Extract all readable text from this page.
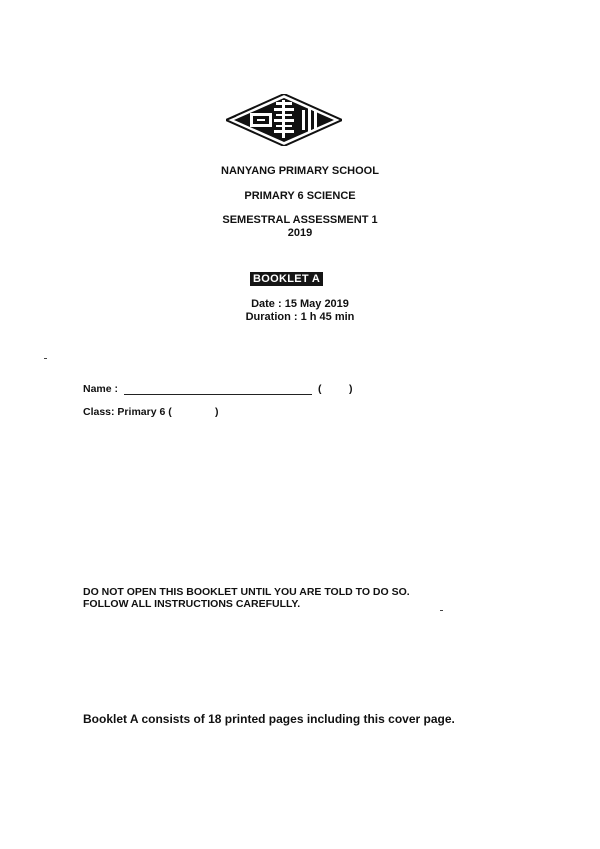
NANYANG PRIMARY SCHOOL
PRIMARY 6 SCIENCE
SEMESTRAL ASSESSMENT 1
2019
BOOKLET A
Date : 15 May 2019
Duration : 1 h 45 min
Name :	(	)
Class: Primary 6 (	)
DO NOT OPEN THIS BOOKLET UNTIL YOU ARE TOLD TO DO SO.
FOLLOW ALL INSTRUCTIONS CAREFULLY.
Booklet A consists of 18 printed pages including this cover page.
